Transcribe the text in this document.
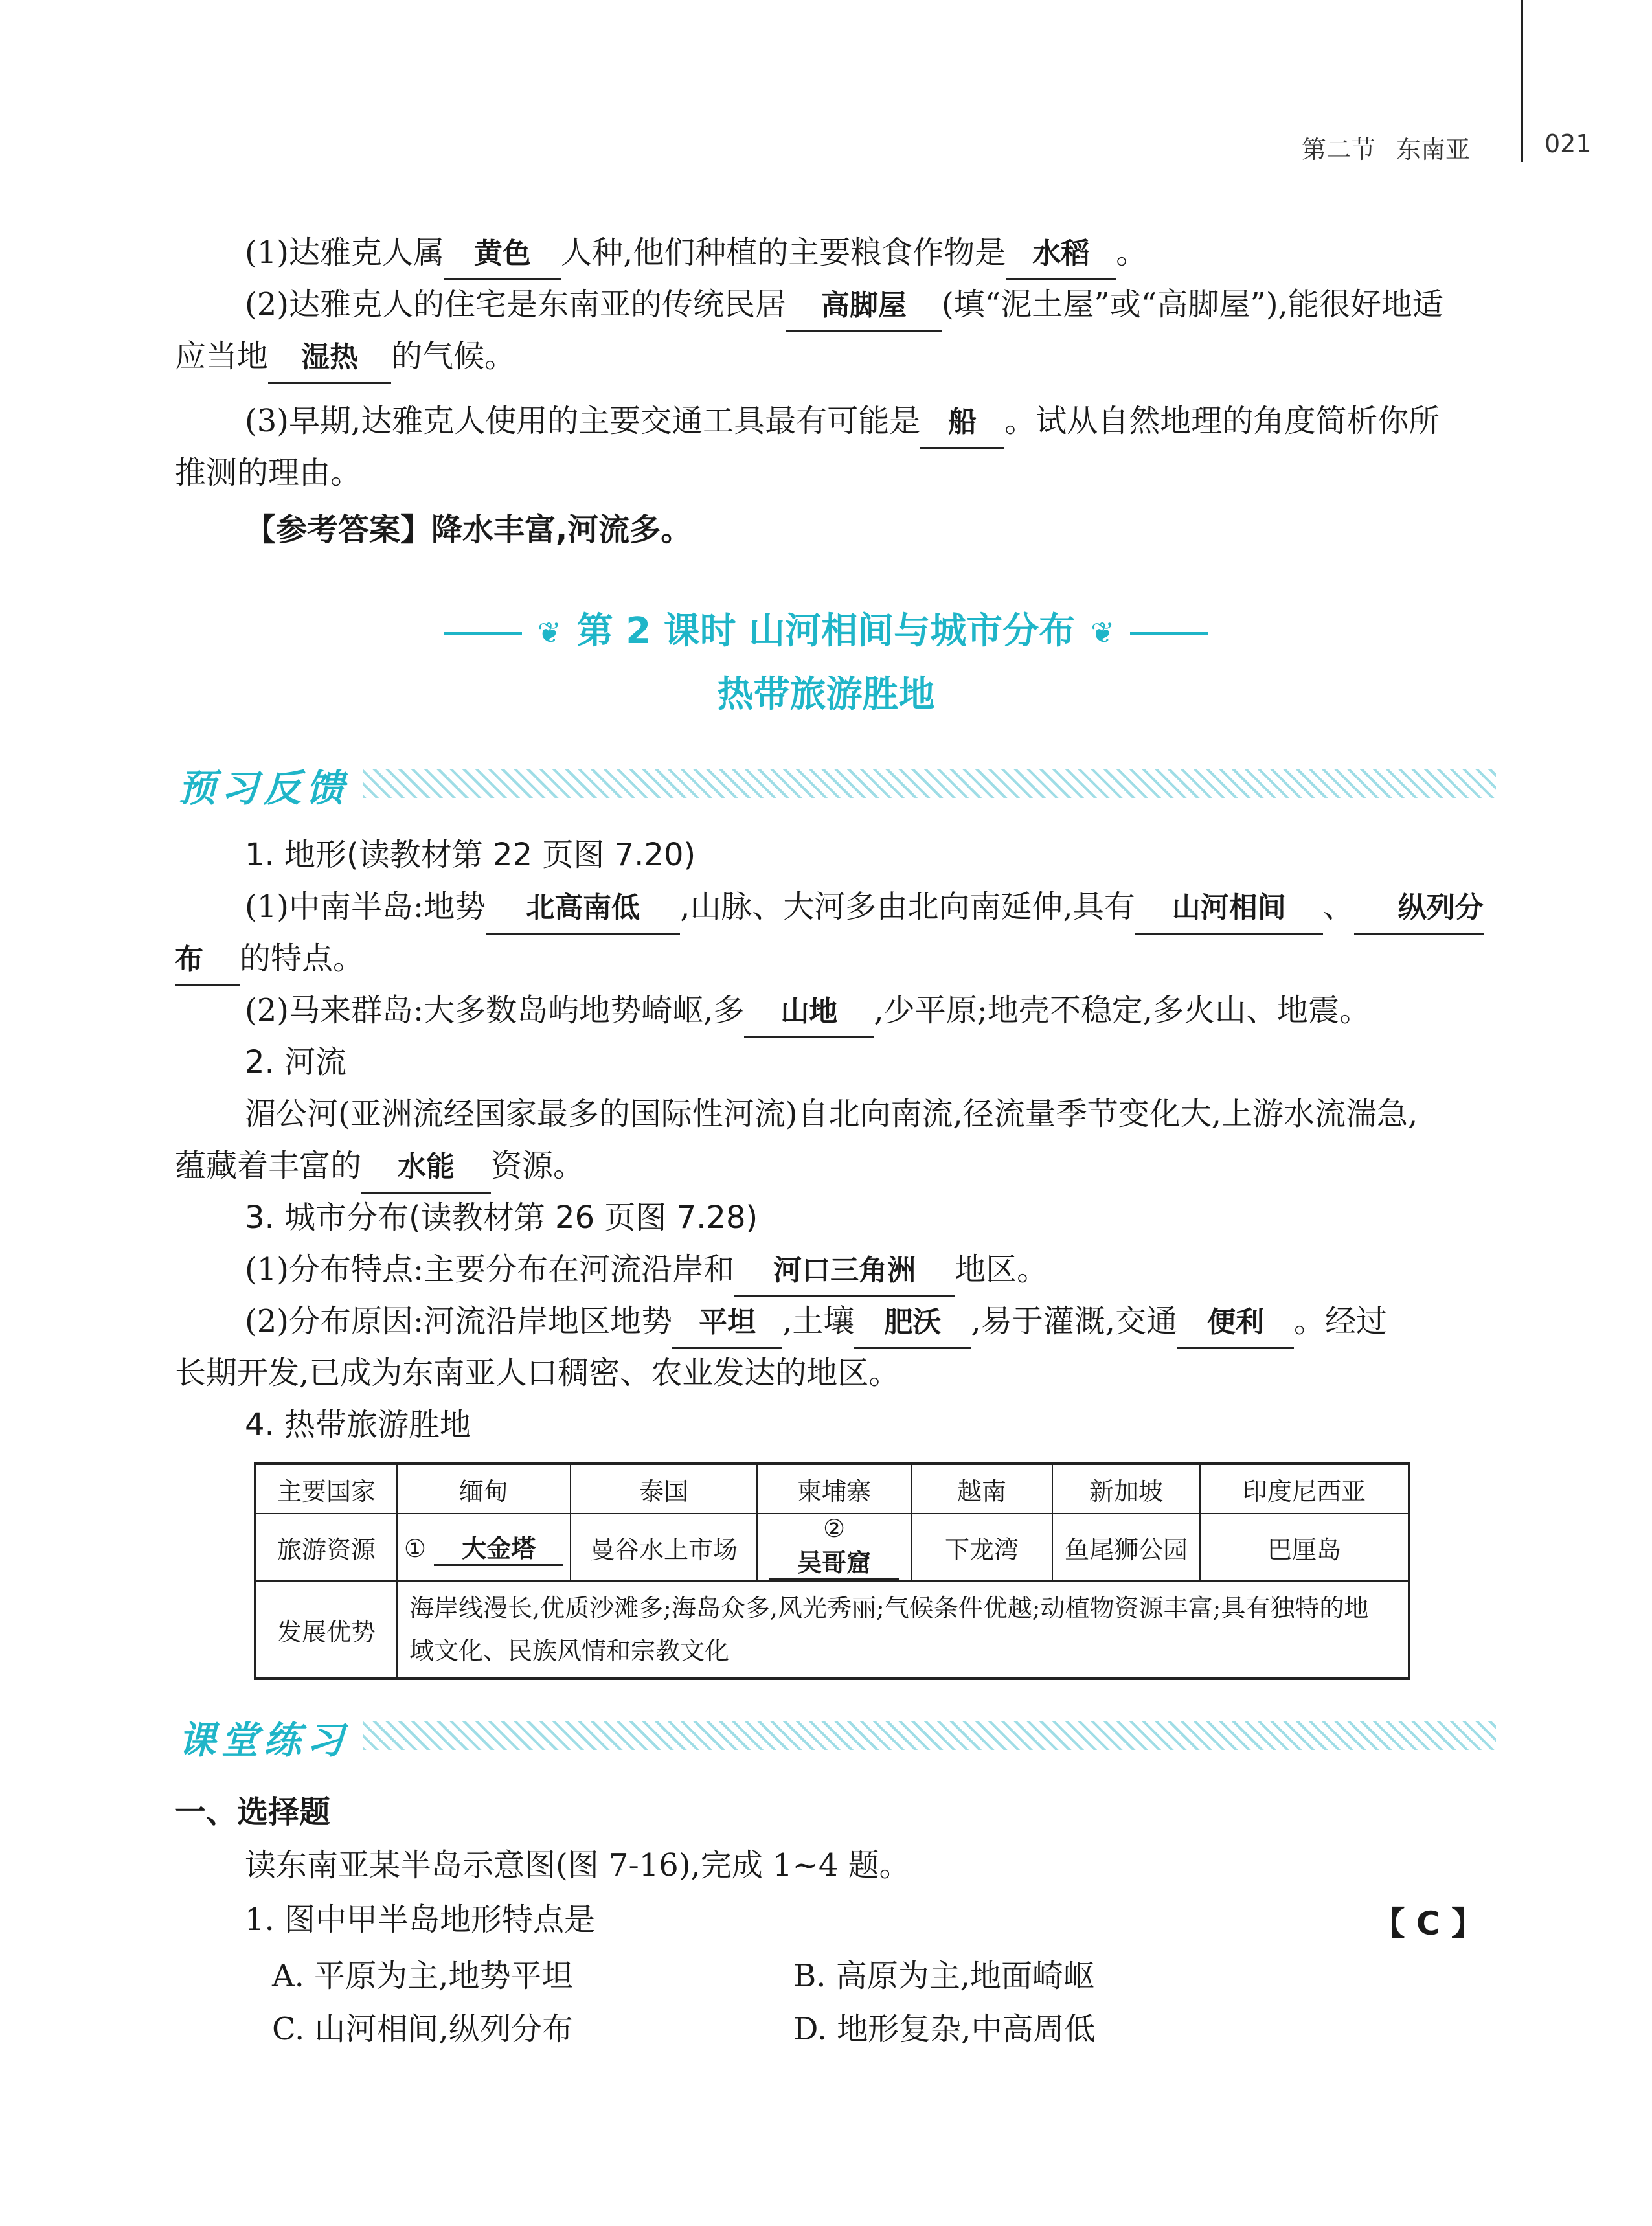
第二节 东南亚	021
(1)达雅克人属 黄色 人种,他们种植的主要粮食作物是 水稻 。
(2)达雅克人的住宅是东南亚的传统民居 高脚屋 (填“泥土屋”或“高脚屋”),能很好地适
应当地 湿热 的气候。
(3)早期,达雅克人使用的主要交通工具最有可能是 船 。试从自然地理的角度简析你所
推测的理由。
【参考答案】降水丰富,河流多。
❦ 第 2 课时 山河相间与城市分布 ❦
热带旅游胜地
预习反馈
1. 地形(读教材第 22 页图 7.20)
(1)中南半岛:地势 北高南低 ,山脉、大河多由北向南延伸,具有 山河相间 、 纵列分
布 的特点。
(2)马来群岛:大多数岛屿地势崎岖,多 山地 ,少平原;地壳不稳定,多火山、地震。
2. 河流
湄公河(亚洲流经国家最多的国际性河流)自北向南流,径流量季节变化大,上游水流湍急,
蕴藏着丰富的 水能 资源。
3. 城市分布(读教材第 26 页图 7.28)
(1)分布特点:主要分布在河流沿岸和 河口三角洲 地区。
(2)分布原因:河流沿岸地区地势 平坦 ,土壤 肥沃 ,易于灌溉,交通 便利 。经过
长期开发,已成为东南亚人口稠密、农业发达的地区。
4. 热带旅游胜地
主要国家	缅甸	泰国	柬埔寨	越南	新加坡	印度尼西亚
旅游资源	① 大金塔	曼谷水上市场	② 吴哥窟	下龙湾	鱼尾狮公园	巴厘岛
发展优势	海岸线漫长,优质沙滩多;海岛众多,风光秀丽;气候条件优越;动植物资源丰富;具有独特的地
域文化、民族风情和宗教文化					
课堂练习
一、选择题
读东南亚某半岛示意图(图 7-16),完成 1~4 题。
1. 图中甲半岛地形特点是	【 C 】
A. 平原为主,地势平坦	B. 高原为主,地面崎岖
C. 山河相间,纵列分布	D. 地形复杂,中高周低
